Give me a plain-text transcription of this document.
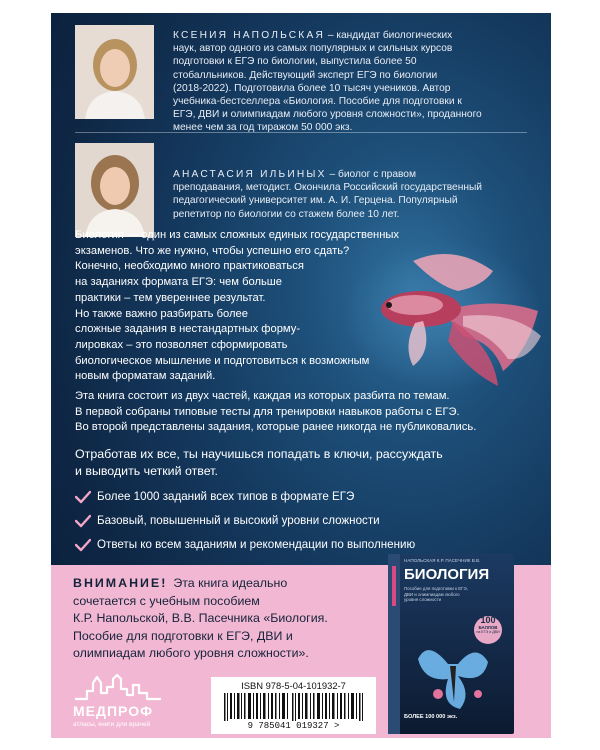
КСЕНИЯ НАПОЛЬСКАЯ – кандидат биологических
наук, автор одного из самых популярных и сильных курсов
подготовки к ЕГЭ по биологии, выпустила более 50
стобалльников. Действующий эксперт ЕГЭ по биологии
(2018-2022). Подготовила более 10 тысяч учеников. Автор
учебника-бестселлера «Биология. Пособие для подготовки к
ЕГЭ, ДВИ и олимпиадам любого уровня сложности», проданного
менее чем за год тиражом 50 000 экз.
АНАСТАСИЯ ИЛЬИНЫХ – биолог с правом
преподавания, методист. Окончила Российский государственный
педагогический университет им. А. И. Герцена. Популярный
репетитор по биологии со стажем более 10 лет.
Биология — один из самых сложных единых государственных
экзаменов. Что же нужно, чтобы успешно его сдать?
Конечно, необходимо много практиковаться
на заданиях формата ЕГЭ: чем больше
практики – тем увереннее результат.
Но также важно разбирать более
сложные задания в нестандартных форму-
лировках – это позволяет сформировать
биологическое мышление и подготовиться к возможным
новым форматам заданий.
Эта книга состоит из двух частей, каждая из которых разбита по темам.
В первой собраны типовые тесты для тренировки навыков работы с ЕГЭ.
Во второй представлены задания, которые ранее никогда не публиковались.
Отработав их все, ты научишься попадать в ключи, рассуждать
и выводить четкий ответ.
Более 1000 заданий всех типов в формате ЕГЭ
Базовый, повышенный и высокий уровни сложности
Ответы ко всем заданиям и рекомендации по выполнению
ВНИМАНИЕ! Эта книга идеально
сочетается с учебным пособием
К.Р. Напольской, В.В. Пасечника «Биология.
Пособие для подготовки к ЕГЭ, ДВИ и
олимпиадам любого уровня сложности».
МЕДПРОФ
атласы, книги для врачей
ISBN 978-5-04-101932-7
9 785041 019327 >
НАПОЛЬСКАЯ К.Р. ПАСЕЧНИК В.В.
БИОЛОГИЯ
Пособие для подготовки к ЕГЭ, ДВИ и олимпиадам любого уровня сложности
100
БАЛЛОВ
на ЕГЭ и ДВИ
БОЛЕЕ 100 000 экз.
